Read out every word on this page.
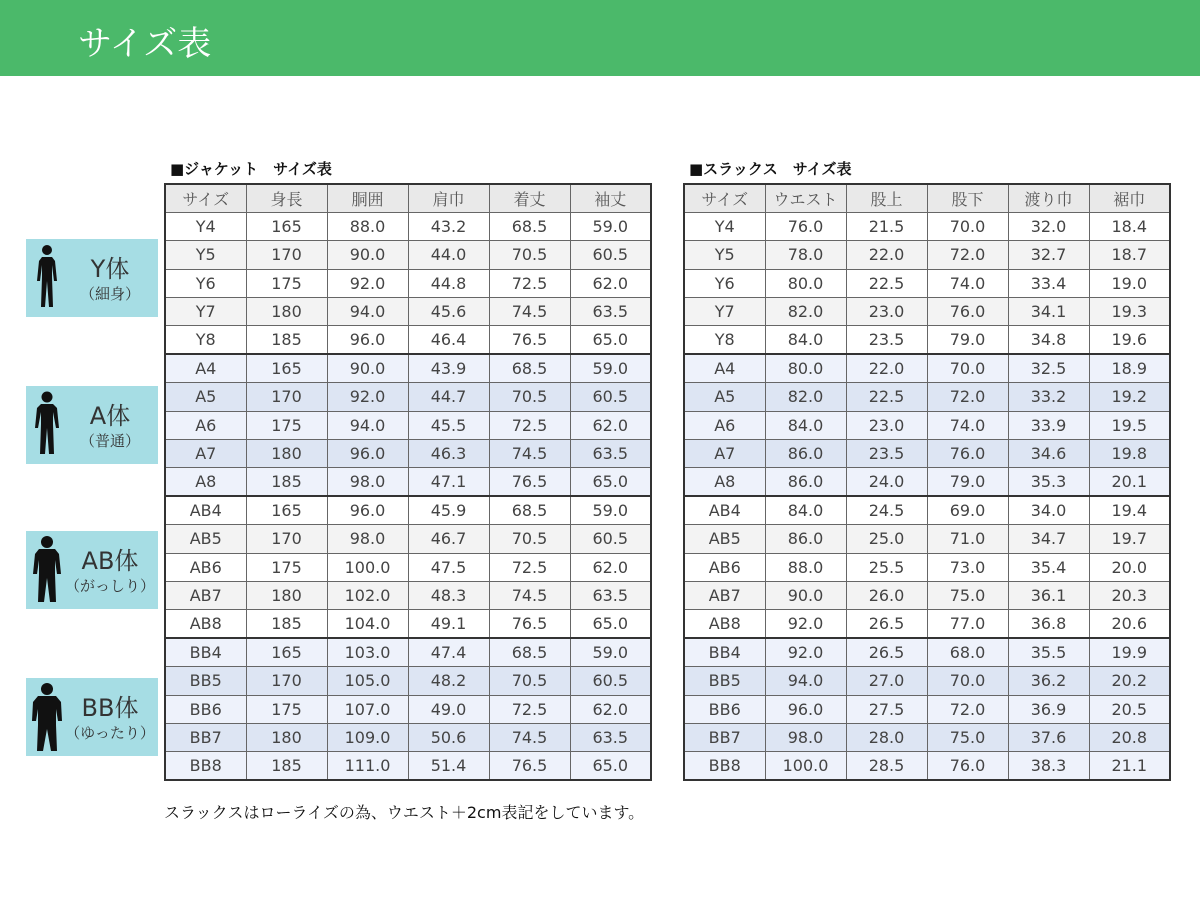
サイズ表
■ジャケット　サイズ表	■スラックス　サイズ表
サイズ	身長	胴囲	肩巾	着丈	袖丈
Y4	165	88.0	43.2	68.5	59.0
Y5	170	90.0	44.0	70.5	60.5
Y6	175	92.0	44.8	72.5	62.0
Y7	180	94.0	45.6	74.5	63.5
Y8	185	96.0	46.4	76.5	65.0
A4	165	90.0	43.9	68.5	59.0
A5	170	92.0	44.7	70.5	60.5
A6	175	94.0	45.5	72.5	62.0
A7	180	96.0	46.3	74.5	63.5
A8	185	98.0	47.1	76.5	65.0
AB4	165	96.0	45.9	68.5	59.0
AB5	170	98.0	46.7	70.5	60.5
AB6	175	100.0	47.5	72.5	62.0
AB7	180	102.0	48.3	74.5	63.5
AB8	185	104.0	49.1	76.5	65.0
BB4	165	103.0	47.4	68.5	59.0
BB5	170	105.0	48.2	70.5	60.5
BB6	175	107.0	49.0	72.5	62.0
BB7	180	109.0	50.6	74.5	63.5
BB8	185	111.0	51.4	76.5	65.0
サイズ	ウエスト	股上	股下	渡り巾	裾巾
Y4	76.0	21.5	70.0	32.0	18.4
Y5	78.0	22.0	72.0	32.7	18.7
Y6	80.0	22.5	74.0	33.4	19.0
Y7	82.0	23.0	76.0	34.1	19.3
Y8	84.0	23.5	79.0	34.8	19.6
A4	80.0	22.0	70.0	32.5	18.9
A5	82.0	22.5	72.0	33.2	19.2
A6	84.0	23.0	74.0	33.9	19.5
A7	86.0	23.5	76.0	34.6	19.8
A8	86.0	24.0	79.0	35.3	20.1
AB4	84.0	24.5	69.0	34.0	19.4
AB5	86.0	25.0	71.0	34.7	19.7
AB6	88.0	25.5	73.0	35.4	20.0
AB7	90.0	26.0	75.0	36.1	20.3
AB8	92.0	26.5	77.0	36.8	20.6
BB4	92.0	26.5	68.0	35.5	19.9
BB5	94.0	27.0	70.0	36.2	20.2
BB6	96.0	27.5	72.0	36.9	20.5
BB7	98.0	28.0	75.0	37.6	20.8
BB8	100.0	28.5	76.0	38.3	21.1
Y体
（細身）
A体
（普通）
AB体
（がっしり）
BB体
（ゆったり）
スラックスはローライズの為、ウエスト＋2cm表記をしています。
